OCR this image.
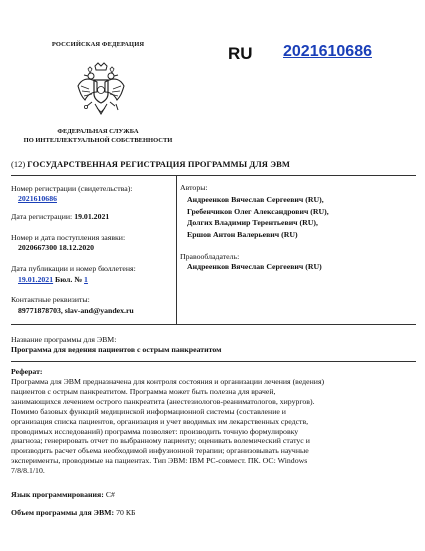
РОССИЙСКАЯ ФЕДЕРАЦИЯ
ФЕДЕРАЛЬНАЯ СЛУЖБА
ПО ИНТЕЛЛЕКТУАЛЬНОЙ СОБСТВЕННОСТИ
RU 2021610686
(12) ГОСУДАРСТВЕННАЯ РЕГИСТРАЦИЯ ПРОГРАММЫ ДЛЯ ЭВМ
Номер регистрации (свидетельства):
2021610686
Дата регистрации: 19.01.2021
Номер и дата поступления заявки:
2020667300 18.12.2020
Дата публикации и номер бюллетеня:
19.01.2021 Бюл. № 1
Контактные реквизиты:
89771878703, slav-and@yandex.ru
Авторы:
Андреенков Вячеслав Сергеевич (RU),
Гребенчиков Олег Александрович (RU),
Долгих Владимир Терентьевич (RU),
Ершов Антон Валерьевич (RU)
Правообладатель:
Андреенков Вячеслав Сергеевич (RU)
Название программы для ЭВМ:
Программа для ведения пациентов с острым панкреатитом
Реферат:
Программа для ЭВМ предназначена для контроля состояния и организации лечения (ведения)
пациентов с острым панкреатитом. Программа может быть полезна для врачей,
занимающихся лечением острого панкреатита (анестезиологов-реаниматологов, хирургов).
Помимо базовых функций медицинской информационной системы (составление и
организация списка пациентов, организация и учет вводимых им лекарственных средств,
проводимых исследований) программа позволяет: производить точную формулировку
диагноза; генерировать отчет по выбранному пациенту; оценивать волемический статус и
производить расчет объема необходимой инфузионной терапии; организовывать научные
эксперименты, проводимые на пациентах. Тип ЭВМ: IBM PC-совмест. ПК. ОС: Windows
7/8/8.1/10.
Язык программирования: C#
Объем программы для ЭВМ: 70 КБ
